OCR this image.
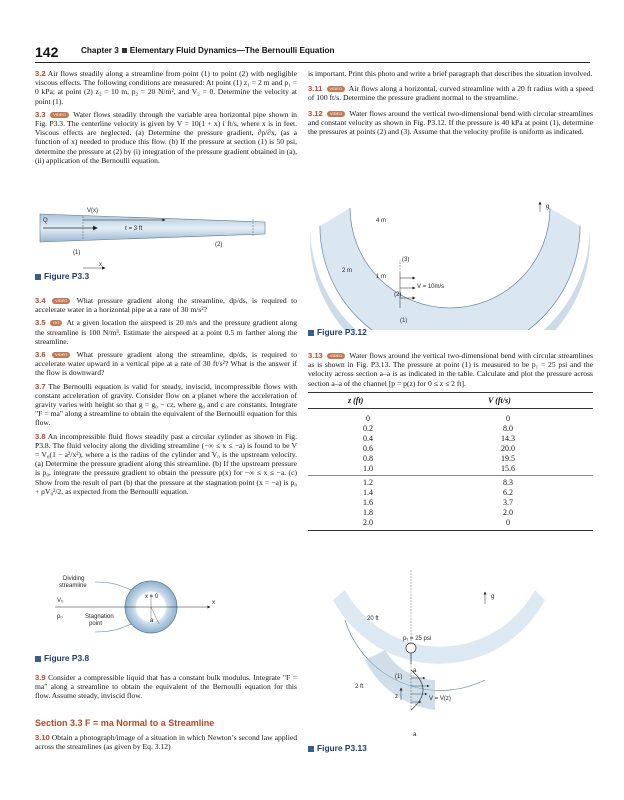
142	Chapter 3 Elementary Fluid Dynamics—The Bernoulli Equation

3.2 Air flows steadily along a streamline from point (1) to point (2) with negligible viscous effects. The following conditions are measured: At point (1) z₁ = 2 m and p₁ = 0 kPa; at point (2) z₂ = 10 m, p₂ = 20 N/m², and V₂ = 0. Determine the velocity at point (1).

3.3 VIDEO Water flows steadily through the variable area horizontal pipe shown in Fig. P3.3. The centerline velocity is given by V = 10(1 + x) i ft/s, where x is in feet. Viscous effects are neglected. (a) Determine the pressure gradient, ∂p/∂x, (as a function of x) needed to produce this flow. (b) If the pressure at section (1) is 50 psi, determine the pressure at (2) by (i) integration of the pressure gradient obtained in (a), (ii) application of the Bernoulli equation.

V(x)
Q
ℓ = 3 ft
(1)
(2)
x
Figure P3.3

3.4 VIDEO What pressure gradient along the streamline, dp/ds, is required to accelerate water in a horizontal pipe at a rate of 30 m/s²?

3.5 GO At a given location the airspeed is 20 m/s and the pressure gradient along the streamline is 100 N/m³. Estimate the airspeed at a point 0.5 m farther along the streamline.

3.6 VIDEO What pressure gradient along the streamline, dp/ds, is required to accelerate water upward in a vertical pipe at a rate of 30 ft/s²? What is the answer if the flow is downward?

3.7 The Bernoulli equation is valid for steady, inviscid, incompressible flows with constant acceleration of gravity. Consider flow on a planet where the acceleration of gravity varies with height so that g = g₀ − cz, where g₀ and c are constants. Integrate "F = ma" along a streamline to obtain the equivalent of the Bernoulli equation for this flow.

3.8 An incompressible fluid flows steadily past a circular cylinder as shown in Fig. P3.8. The fluid velocity along the dividing streamline (−∞ ≤ x ≤ −a) is found to be V = V₀(1 − a²/x²), where a is the radius of the cylinder and V₀ is the upstream velocity. (a) Determine the pressure gradient along this streamline. (b) If the upstream pressure is p₀, integrate the pressure gradient to obtain the pressure p(x) for −∞ ≤ x ≤ −a. (c) Show from the result of part (b) that the pressure at the stagnation point (x = −a) is p₀ + ρV₀²/2, as expected from the Bernoulli equation.

Dividing
streamline
V₀
p₀
x = 0
Stagnation
point	a
x
Figure P3.8

3.9 Consider a compressible liquid that has a constant bulk modulus. Integrate "F = ma" along a streamline to obtain the equivalent of the Bernoulli equation for this flow. Assume steady, inviscid flow.

Section 3.3 F = ma Normal to a Streamline

3.10 Obtain a photograph/image of a situation in which Newton’s second law applied across the streamlines (as given by Eq. 3.12)

is important. Print this photo and write a brief paragraph that describes the situation involved.

3.11 VIDEO Air flows along a horizontal, curved streamline with a 20 ft radius with a speed of 100 ft/s. Determine the pressure gradient normal to the streamline.

3.12 VIDEO Water flows around the vertical two-dimensional bend with circular streamlines and constant velocity as shown in Fig. P3.12. If the pressure is 40 kPa at point (1), determine the pressures at points (2) and (3). Assume that the velocity profile is uniform as indicated.

g
4 m
2 m
1 m
(1)
(2)
(3)
V = 10m/s
Figure P3.12

3.13 VIDEO Water flows around the vertical two-dimensional bend with circular streamlines as is shown in Fig. P3.13. The pressure at point (1) is measured to be p₁ = 25 psi and the velocity across section a–a is as indicated in the table. Calculate and plot the pressure across section a–a of the channel [p = p(z) for 0 ≤ z ≤ 2 ft].

z (ft)	V (ft/s)
0	0
0.2	8.0
0.4	14.3
0.6	20.0
0.8	19.5
1.0	15.6
1.2	8.3
1.4	6.2
1.6	3.7
1.8	2.0
2.0	0
g
20 ft
p₁ = 25 psi
(1)
2 ft
a
a
z	V = V(z)
Figure P3.13
